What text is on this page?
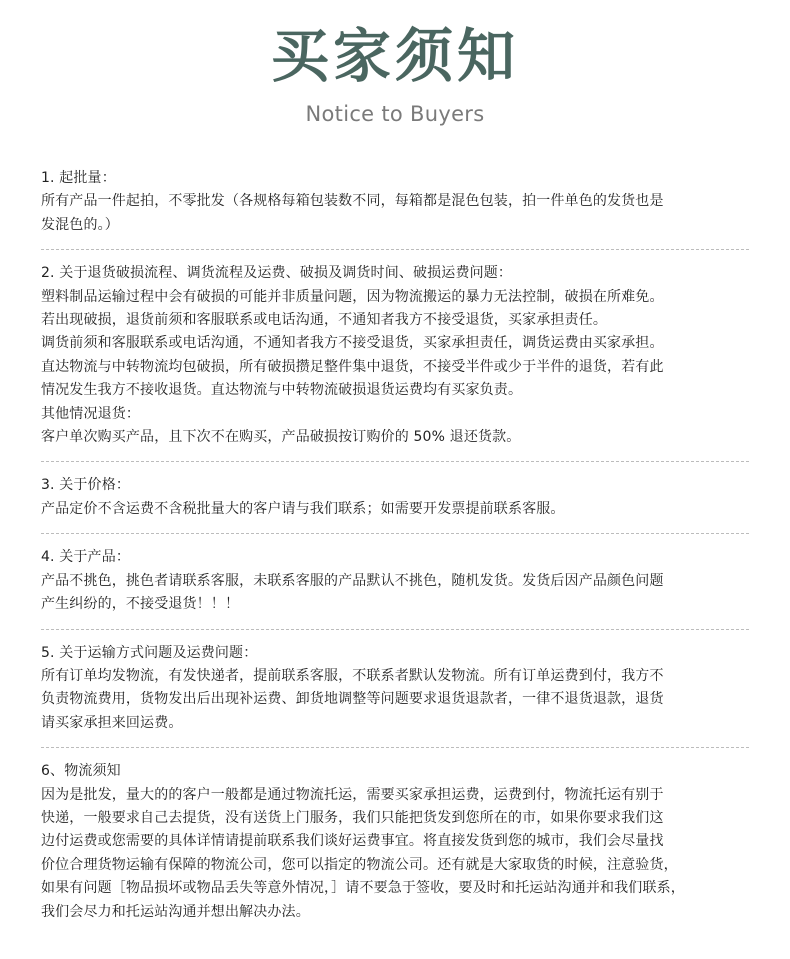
买家须知
Notice to Buyers
1. 起批量：
所有产品一件起拍，不零批发（各规格每箱包装数不同，每箱都是混色包装，拍一件单色的发货也是
发混色的。）
2. 关于退货破损流程、调货流程及运费、破损及调货时间、破损运费问题：
塑料制品运输过程中会有破损的可能并非质量问题，因为物流搬运的暴力无法控制，破损在所难免。
若出现破损，退货前须和客服联系或电话沟通，不通知者我方不接受退货，买家承担责任。
调货前须和客服联系或电话沟通，不通知者我方不接受退货，买家承担责任，调货运费由买家承担。
直达物流与中转物流均包破损，所有破损攒足整件集中退货，不接受半件或少于半件的退货，若有此
情况发生我方不接收退货。直达物流与中转物流破损退货运费均有买家负责。
其他情况退货：
客户单次购买产品，且下次不在购买，产品破损按订购价的 50% 退还货款。
3. 关于价格：
产品定价不含运费不含税批量大的客户请与我们联系；如需要开发票提前联系客服。
4. 关于产品：
产品不挑色，挑色者请联系客服，未联系客服的产品默认不挑色，随机发货。发货后因产品颜色问题
产生纠纷的，不接受退货！！！
5. 关于运输方式问题及运费问题：
所有订单均发物流，有发快递者，提前联系客服，不联系者默认发物流。所有订单运费到付，我方不
负责物流费用，货物发出后出现补运费、卸货地调整等问题要求退货退款者，一律不退货退款，退货
请买家承担来回运费。
6、物流须知
因为是批发，量大的的客户一般都是通过物流托运，需要买家承担运费，运费到付，物流托运有别于
快递，一般要求自己去提货，没有送货上门服务，我们只能把货发到您所在的市，如果你要求我们这
边付运费或您需要的具体详情请提前联系我们谈好运费事宜。将直接发货到您的城市，我们会尽量找
价位合理货物运输有保障的物流公司，您可以指定的物流公司。还有就是大家取货的时候，注意验货，
如果有问题［物品损坏或物品丢失等意外情况，］请不要急于签收，要及时和托运站沟通并和我们联系，
我们会尽力和托运站沟通并想出解决办法。
